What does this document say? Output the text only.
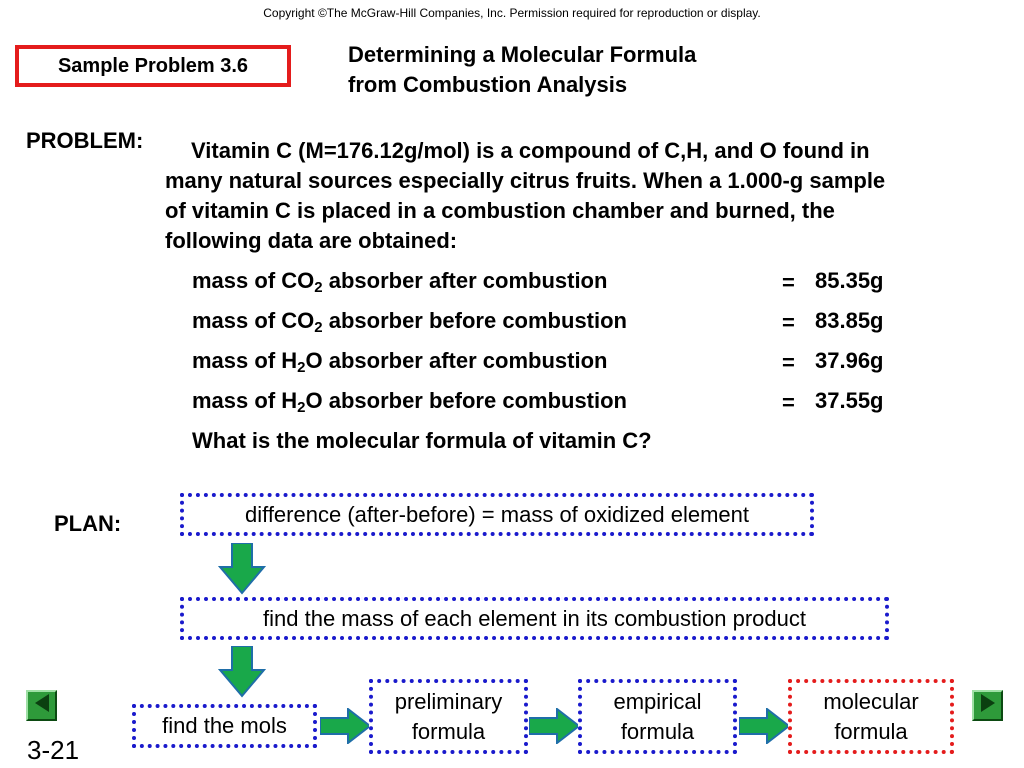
Copyright ©The McGraw-Hill Companies, Inc. Permission required for reproduction or display.
Sample Problem 3.6	Determining a Molecular Formula
from Combustion Analysis
PROBLEM:	Vitamin C (M=176.12g/mol) is a compound of C,H, and O found in
many natural sources especially citrus fruits. When a 1.000-g sample
of vitamin C is placed in a combustion chamber and burned, the
following data are obtained:
mass of $CO_2$ absorber after combustion	= 85.35g
mass of $CO_2$ absorber before combustion	= 83.85g
mass of $H_2O$ absorber after combustion	= 37.96g
mass of $H_2O$ absorber before combustion	= 37.55g
What is the molecular formula of vitamin C?
PLAN:	difference (after-before) = mass of oxidized element
find the mass of each element in its combustion product
find the mols
preliminary
formula
empirical
formula
molecular
formula
3-21
